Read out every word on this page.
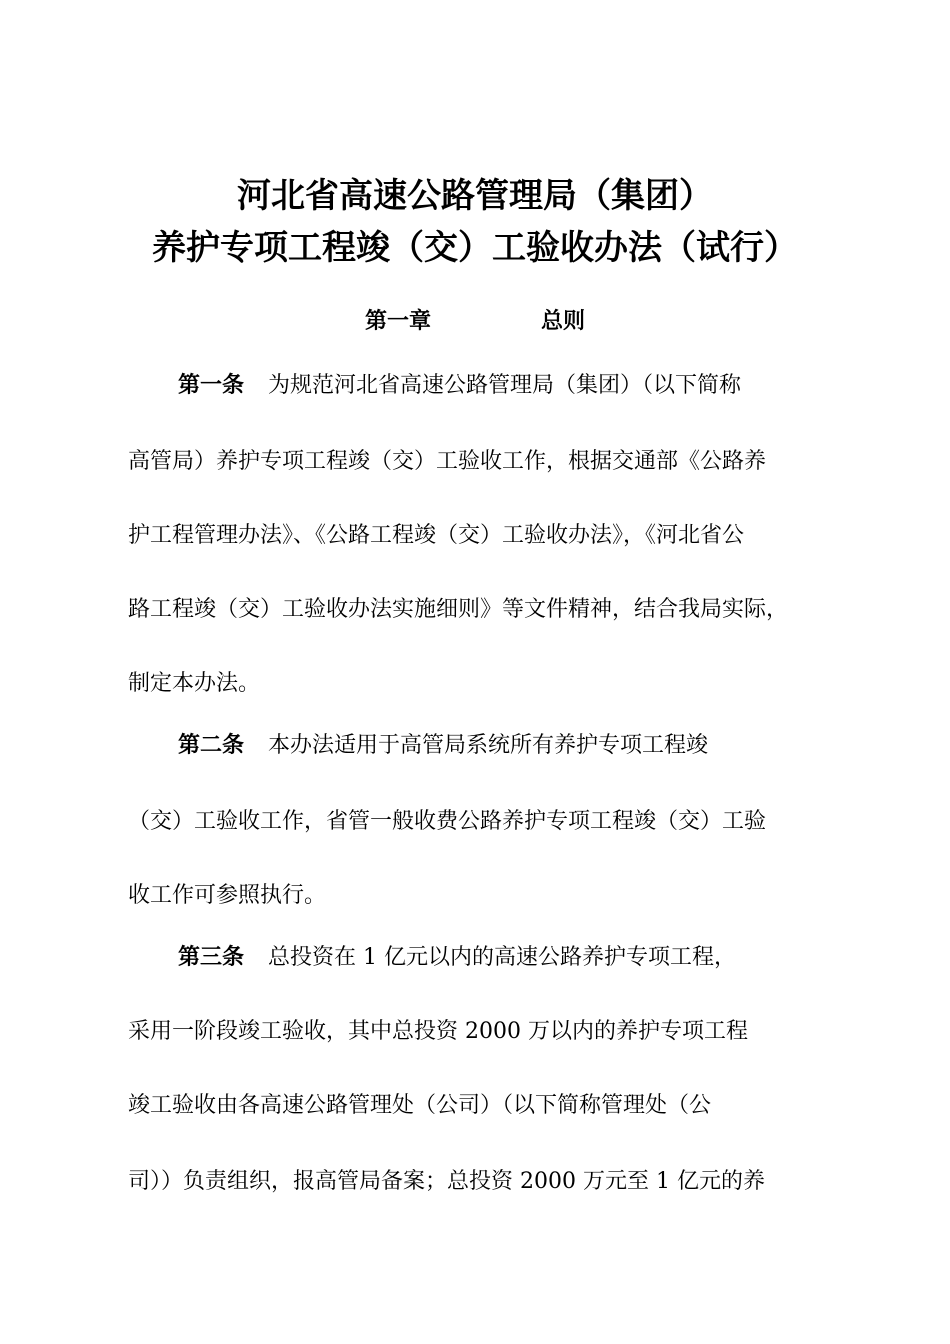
河北省高速公路管理局（集团）
养护专项工程竣（交）工验收办法（试行）
第一章	总则
第一条 为规范河北省高速公路管理局（集团）（以下简称
高管局）养护专项工程竣（交）工验收工作，根据交通部《公路养
护工程管理办法》、《公路工程竣（交）工验收办法》，《河北省公
路工程竣（交）工验收办法实施细则》等文件精神，结合我局实际，
制定本办法。
第二条 本办法适用于高管局系统所有养护专项工程竣
（交）工验收工作，省管一般收费公路养护专项工程竣（交）工验
收工作可参照执行。
第三条 总投资在 1 亿元以内的高速公路养护专项工程，
采用一阶段竣工验收，其中总投资 2000 万以内的养护专项工程
竣工验收由各高速公路管理处（公司）（以下简称管理处（公
司））负责组织，报高管局备案；总投资 2000 万元至 1 亿元的养
